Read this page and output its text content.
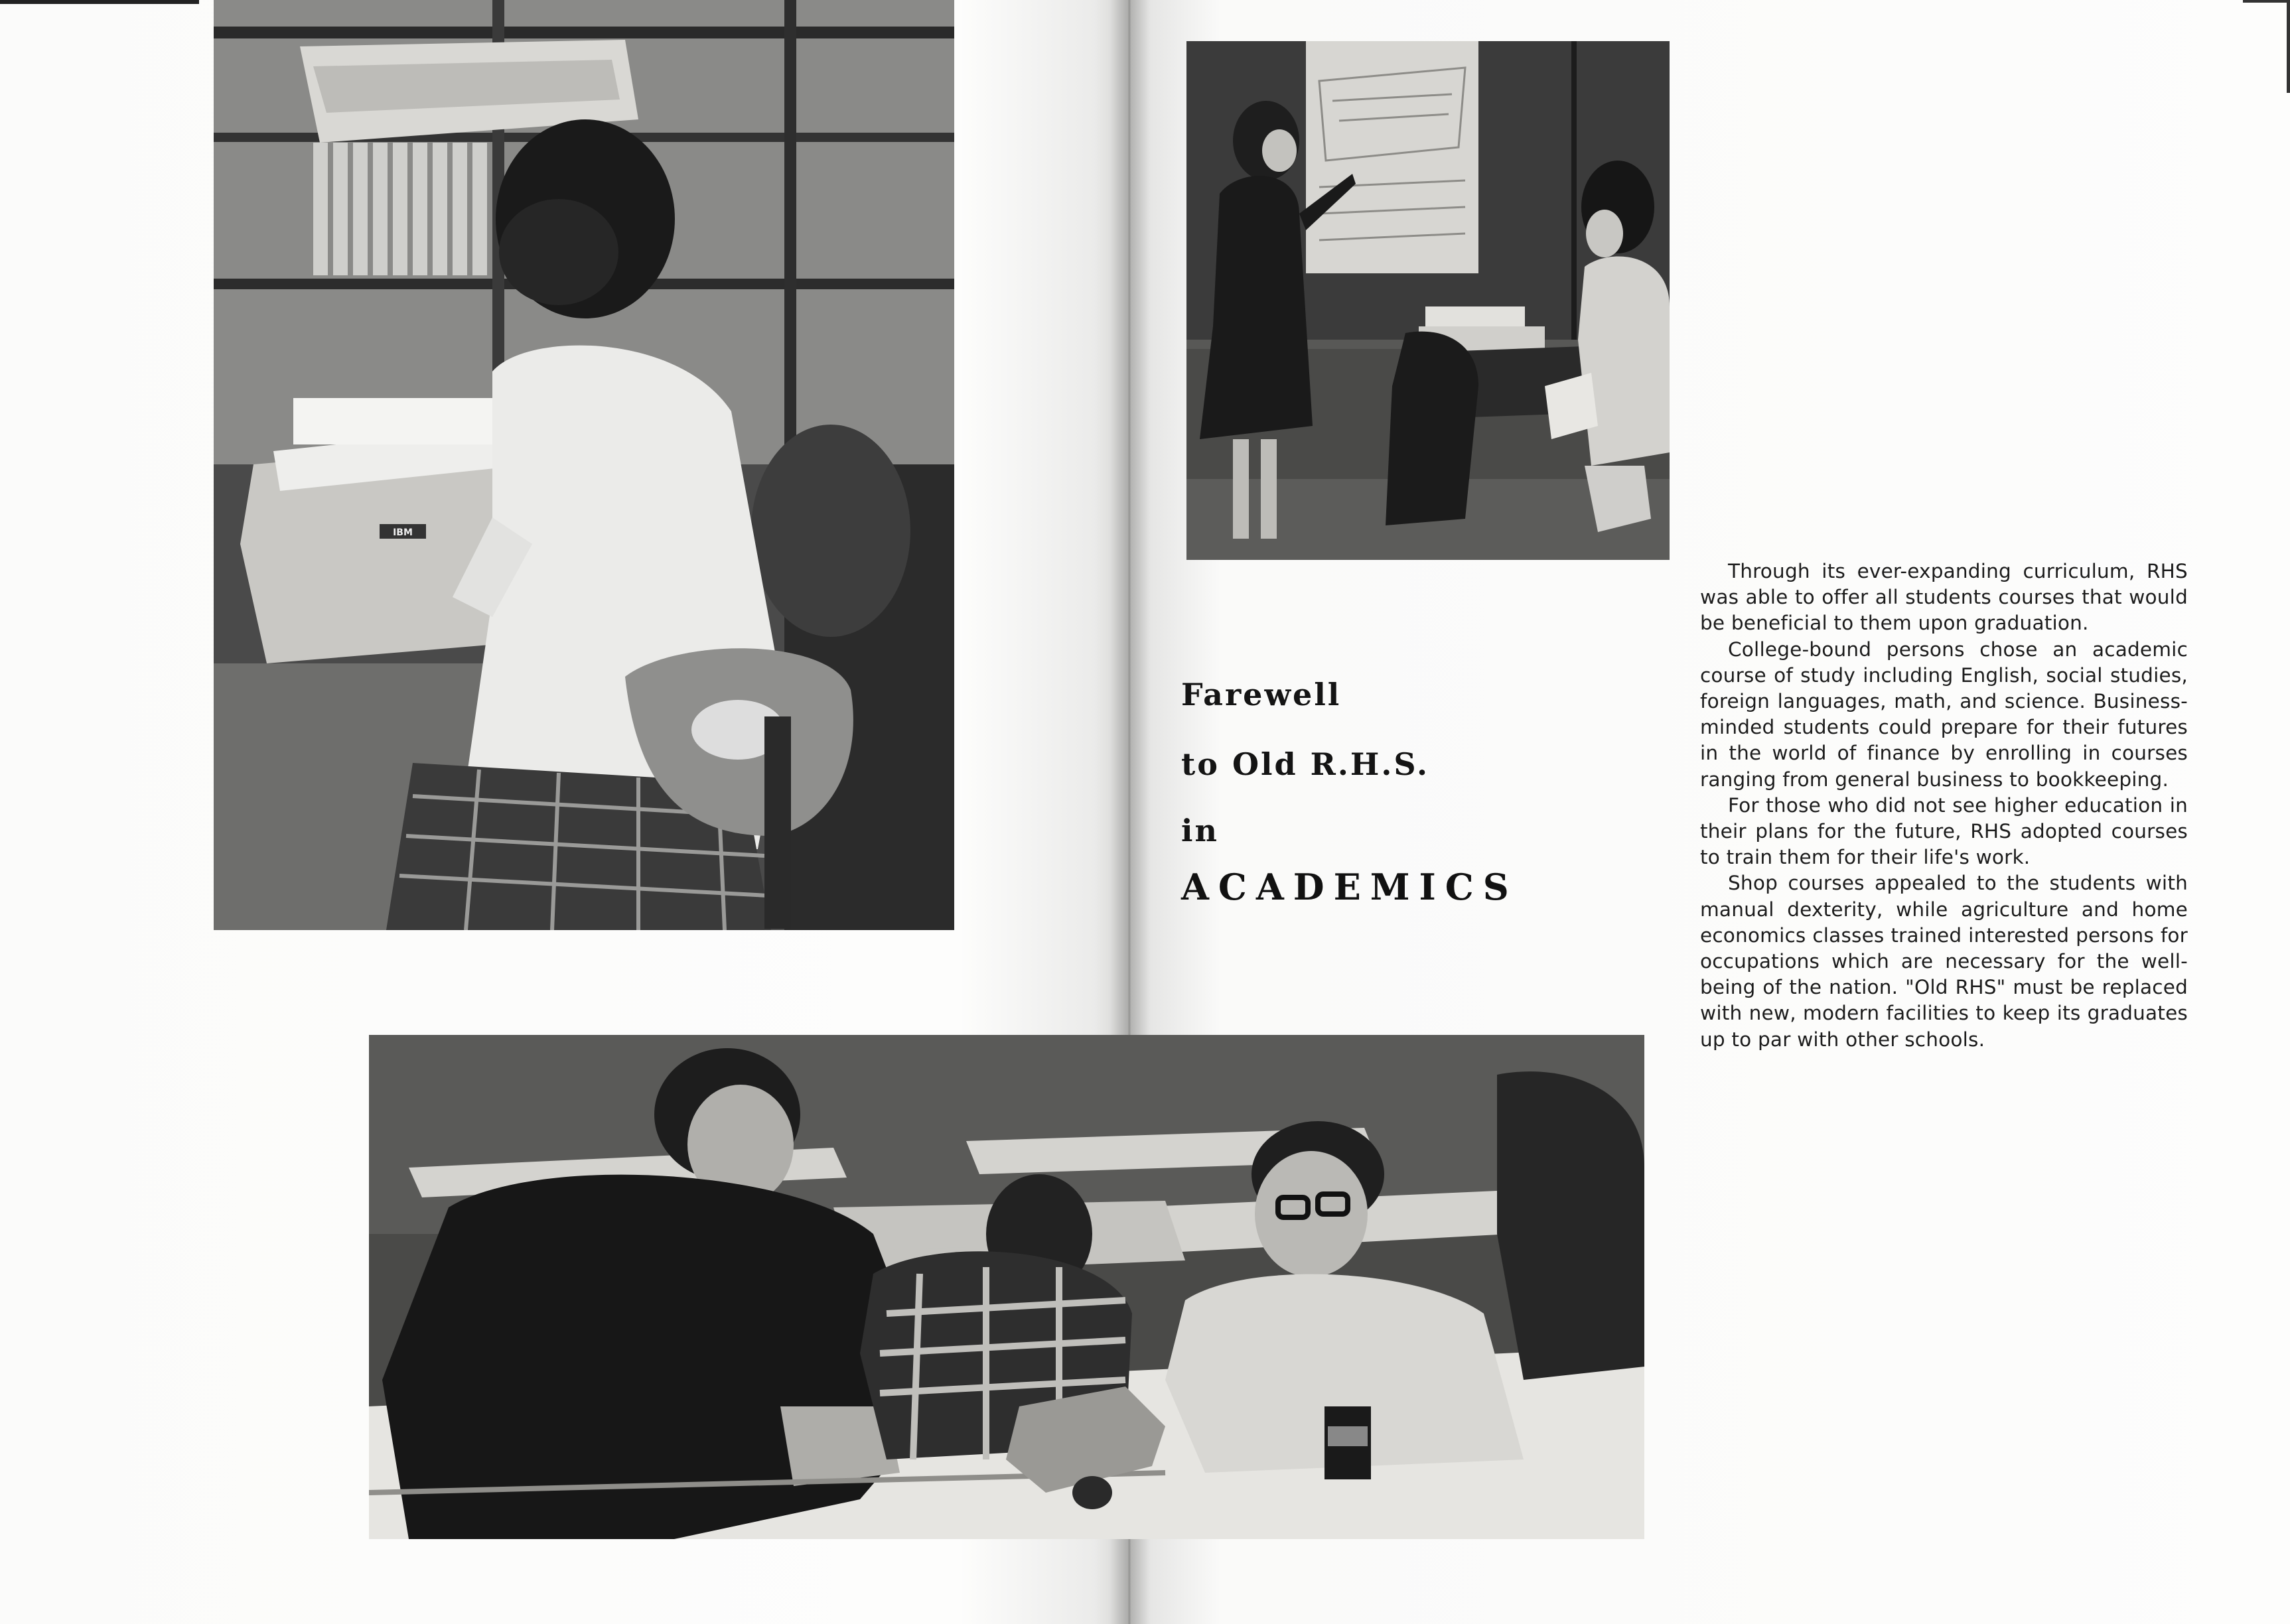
IBM
Farewell
to Old R.H.S.
in
ACADEMICS

Through its ever-expanding curriculum, RHS was able to offer all students courses that would be beneficial to them upon graduation.

College-bound persons chose an academic course of study including English, social studies, foreign languages, math, and science. Business-minded students could prepare for their futures in the world of finance by enrolling in courses ranging from general business to bookkeeping.

For those who did not see higher education in their plans for the future, RHS adopted courses to train them for their life's work.

Shop courses appealed to the students with manual dexterity, while agriculture and home economics classes trained interested persons for occupations which are necessary for the well-being of the nation. "Old RHS" must be replaced with new, modern facilities to keep its graduates up to par with other schools.
